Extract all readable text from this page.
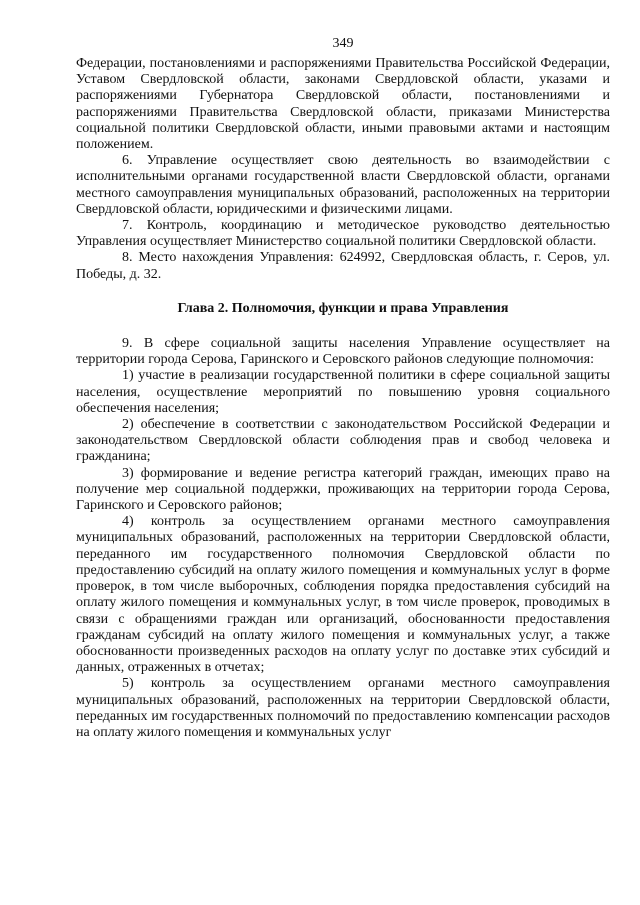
349

Федерации, постановлениями и распоряжениями Правительства Российской Федерации, Уставом Свердловской области, законами Свердловской области, указами и распоряжениями Губернатора Свердловской области, постановлениями и распоряжениями Правительства Свердловской области, приказами Министерства социальной политики Свердловской области, иными правовыми актами и настоящим положением.

6. Управление осуществляет свою деятельность во взаимодействии с исполнительными органами государственной власти Свердловской области, органами местного самоуправления муниципальных образований, расположенных на территории Свердловской области, юридическими и физическими лицами.

7. Контроль, координацию и методическое руководство деятельностью Управления осуществляет Министерство социальной политики Свердловской области.

8. Место нахождения Управления: 624992, Свердловская область, г. Серов, ул. Победы, д. 32.

Глава 2. Полномочия, функции и права Управления

9. В сфере социальной защиты населения Управление осуществляет на территории города Серова, Гаринского и Серовского районов следующие полномочия:

1) участие в реализации государственной политики в сфере социальной защиты населения, осуществление мероприятий по повышению уровня социального обеспечения населения;

2) обеспечение в соответствии с законодательством Российской Федерации и законодательством Свердловской области соблюдения прав и свобод человека и гражданина;

3) формирование и ведение регистра категорий граждан, имеющих право на получение мер социальной поддержки, проживающих на территории города Серова, Гаринского и Серовского районов;

4) контроль за осуществлением органами местного самоуправления муниципальных образований, расположенных на территории Свердловской области, переданного им государственного полномочия Свердловской области по предоставлению субсидий на оплату жилого помещения и коммунальных услуг в форме проверок, в том числе выборочных, соблюдения порядка предоставления субсидий на оплату жилого помещения и коммунальных услуг, в том числе проверок, проводимых в связи с обращениями граждан или организаций, обоснованности предоставления гражданам субсидий на оплату жилого помещения и коммунальных услуг, а также обоснованности произведенных расходов на оплату услуг по доставке этих субсидий и данных, отраженных в отчетах;

5) контроль за осуществлением органами местного самоуправления муниципальных образований, расположенных на территории Свердловской области, переданных им государственных полномочий по предоставлению компенсации расходов на оплату жилого помещения и коммунальных услуг
